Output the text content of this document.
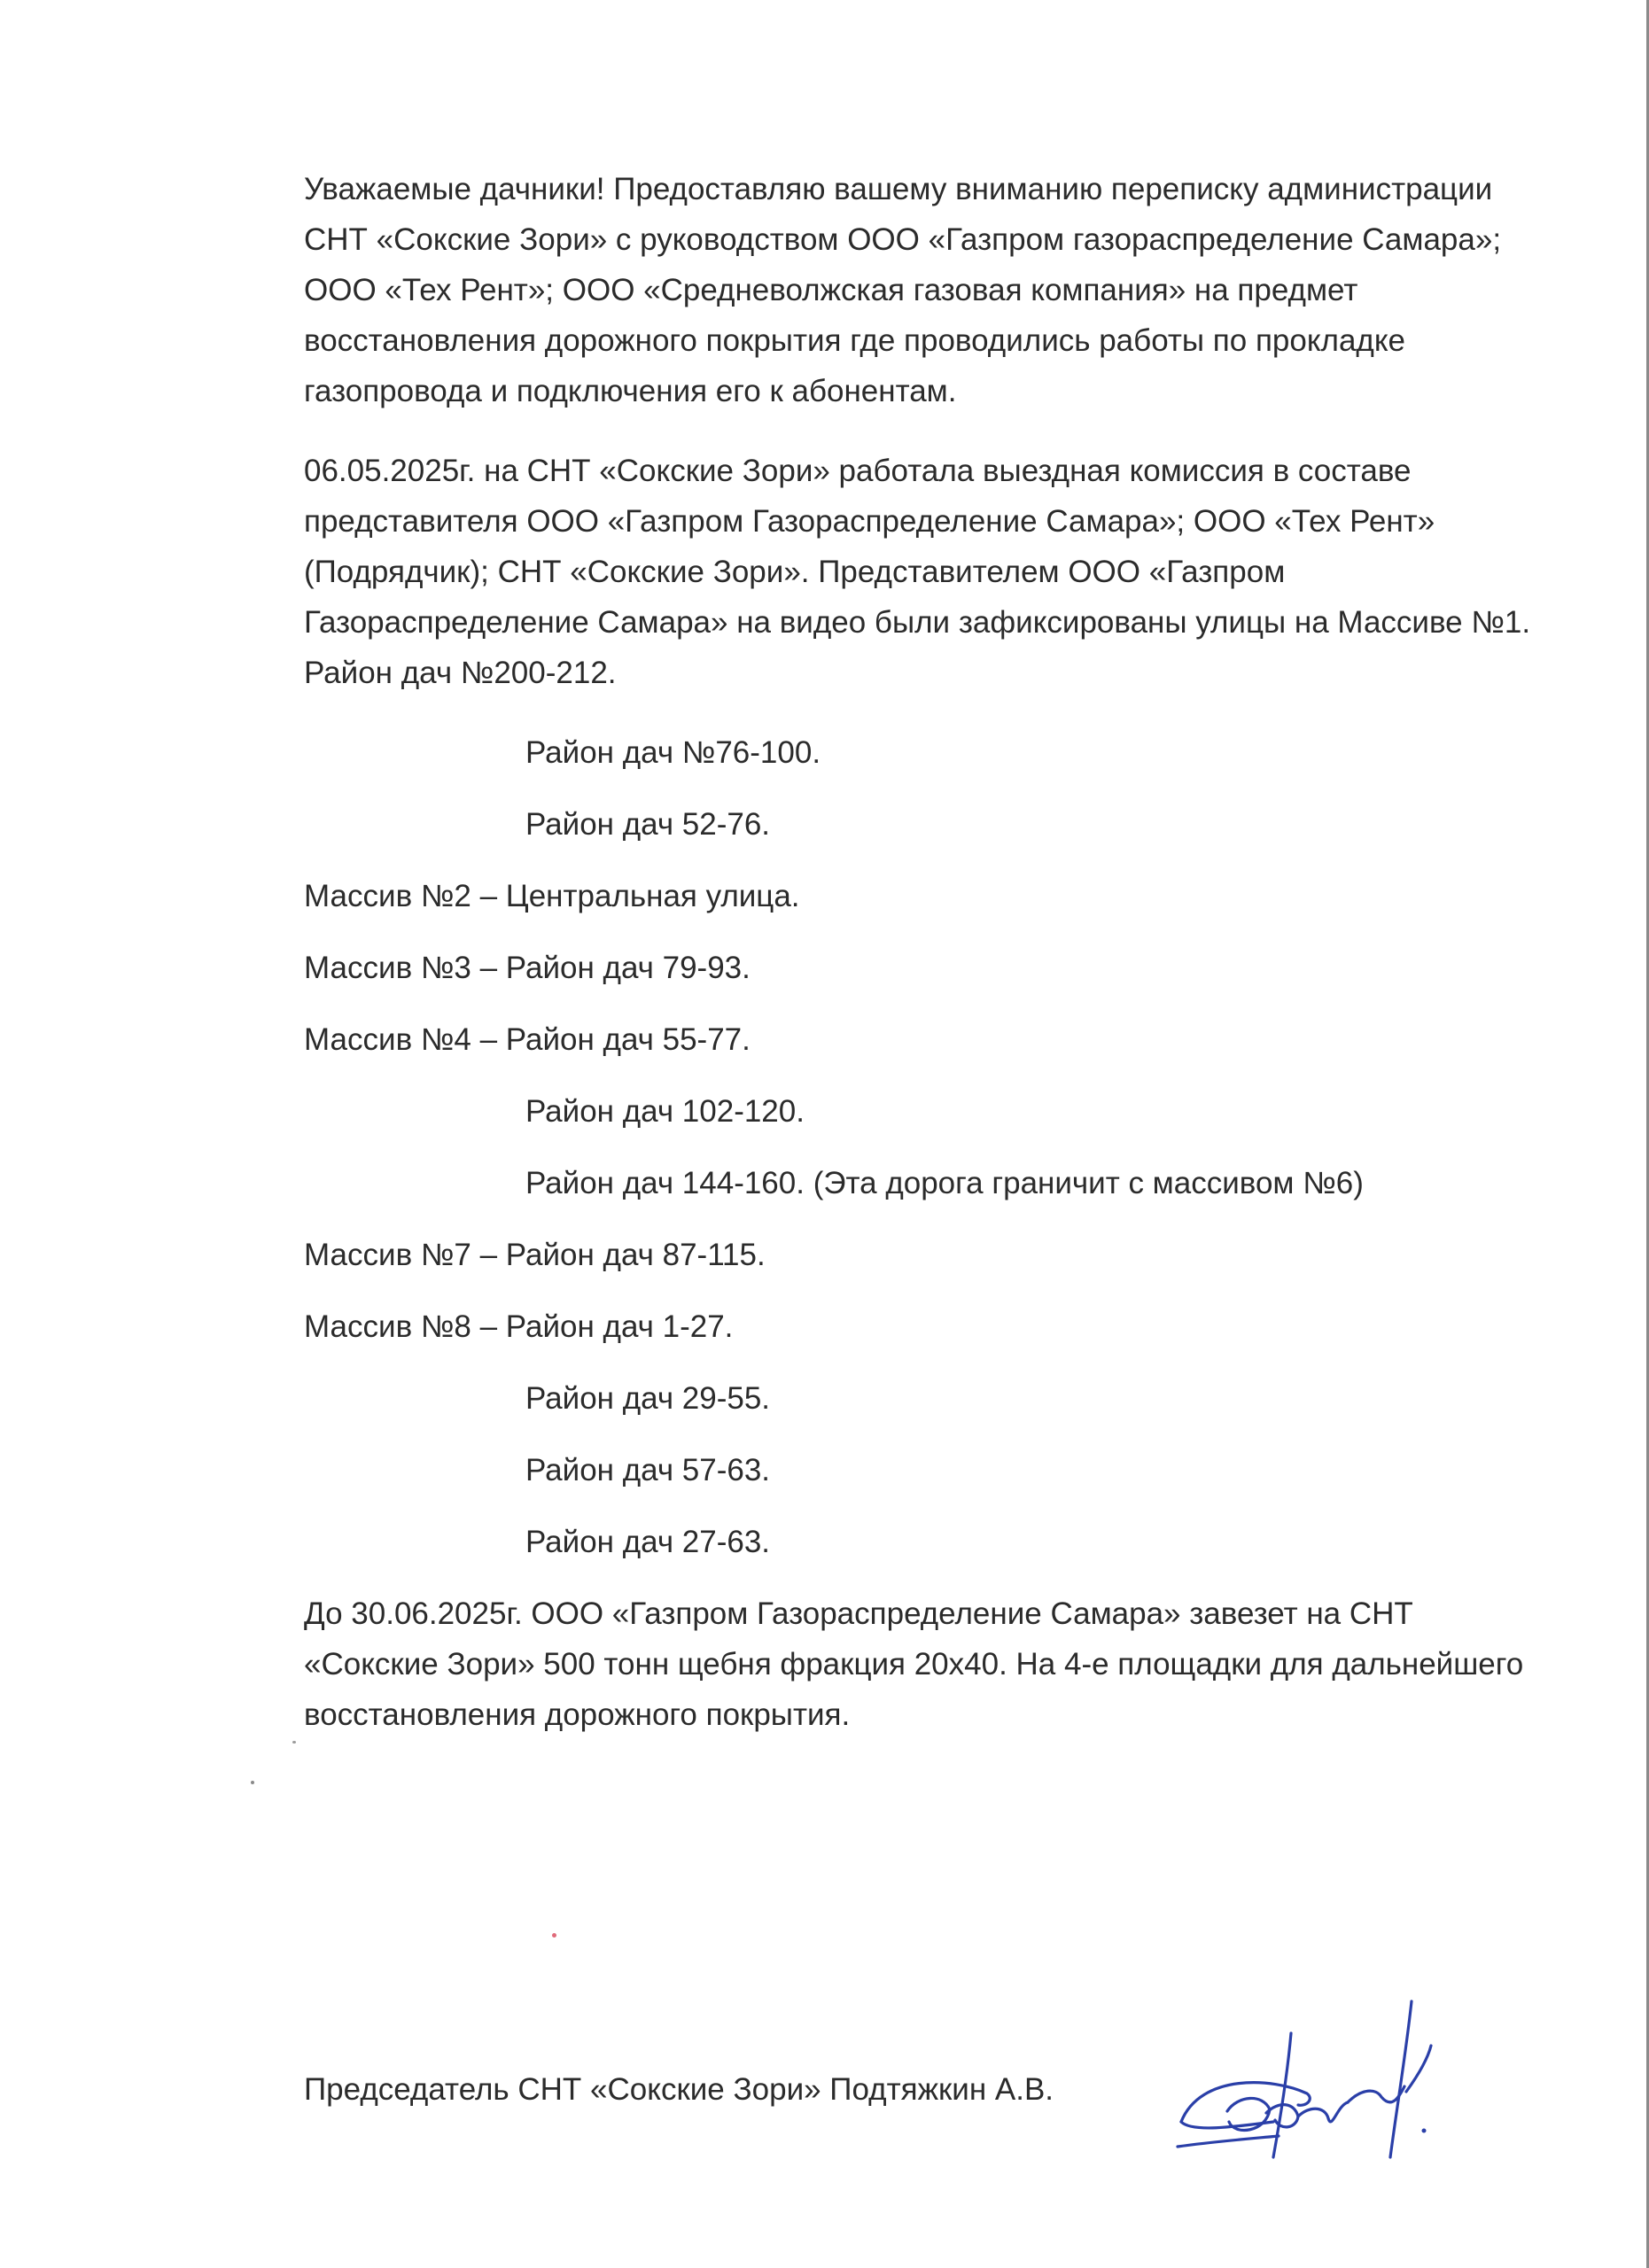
Уважаемые дачники! Предоставляю вашему вниманию переписку администрации СНТ «Сокские Зори» с руководством ООО «Газпром газораспределение Самара»; ООО «Тех Рент»; ООО «Средневолжская газовая компания» на предмет восстановления дорожного покрытия где проводились работы по прокладке газопровода и подключения его к абонентам.

06.05.2025г. на СНТ «Сокские Зори» работала выездная комиссия в составе представителя ООО «Газпром Газораспределение Самара»; ООО «Тех Рент» (Подрядчик); СНТ «Сокские Зори». Представителем ООО «Газпром Газораспределение Самара» на видео были зафиксированы улицы на Массиве №1. Район дач №200-212.

Район дач №76-100.
Район дач 52-76.
Массив №2 – Центральная улица.
Массив №3 – Район дач 79-93.
Массив №4 – Район дач 55-77.
Район дач 102-120.
Район дач 144-160. (Эта дорога граничит с массивом №6)
Массив №7 – Район дач 87-115.
Массив №8 – Район дач 1-27.
Район дач 29-55.
Район дач 57-63.
Район дач 27-63.

До 30.06.2025г. ООО «Газпром Газораспределение Самара» завезет на СНТ «Сокские Зори» 500 тонн щебня фракция 20х40. На 4-е площадки для дальнейшего восстановления дорожного покрытия.

Председатель СНТ «Сокские Зори» Подтяжкин А.В.
